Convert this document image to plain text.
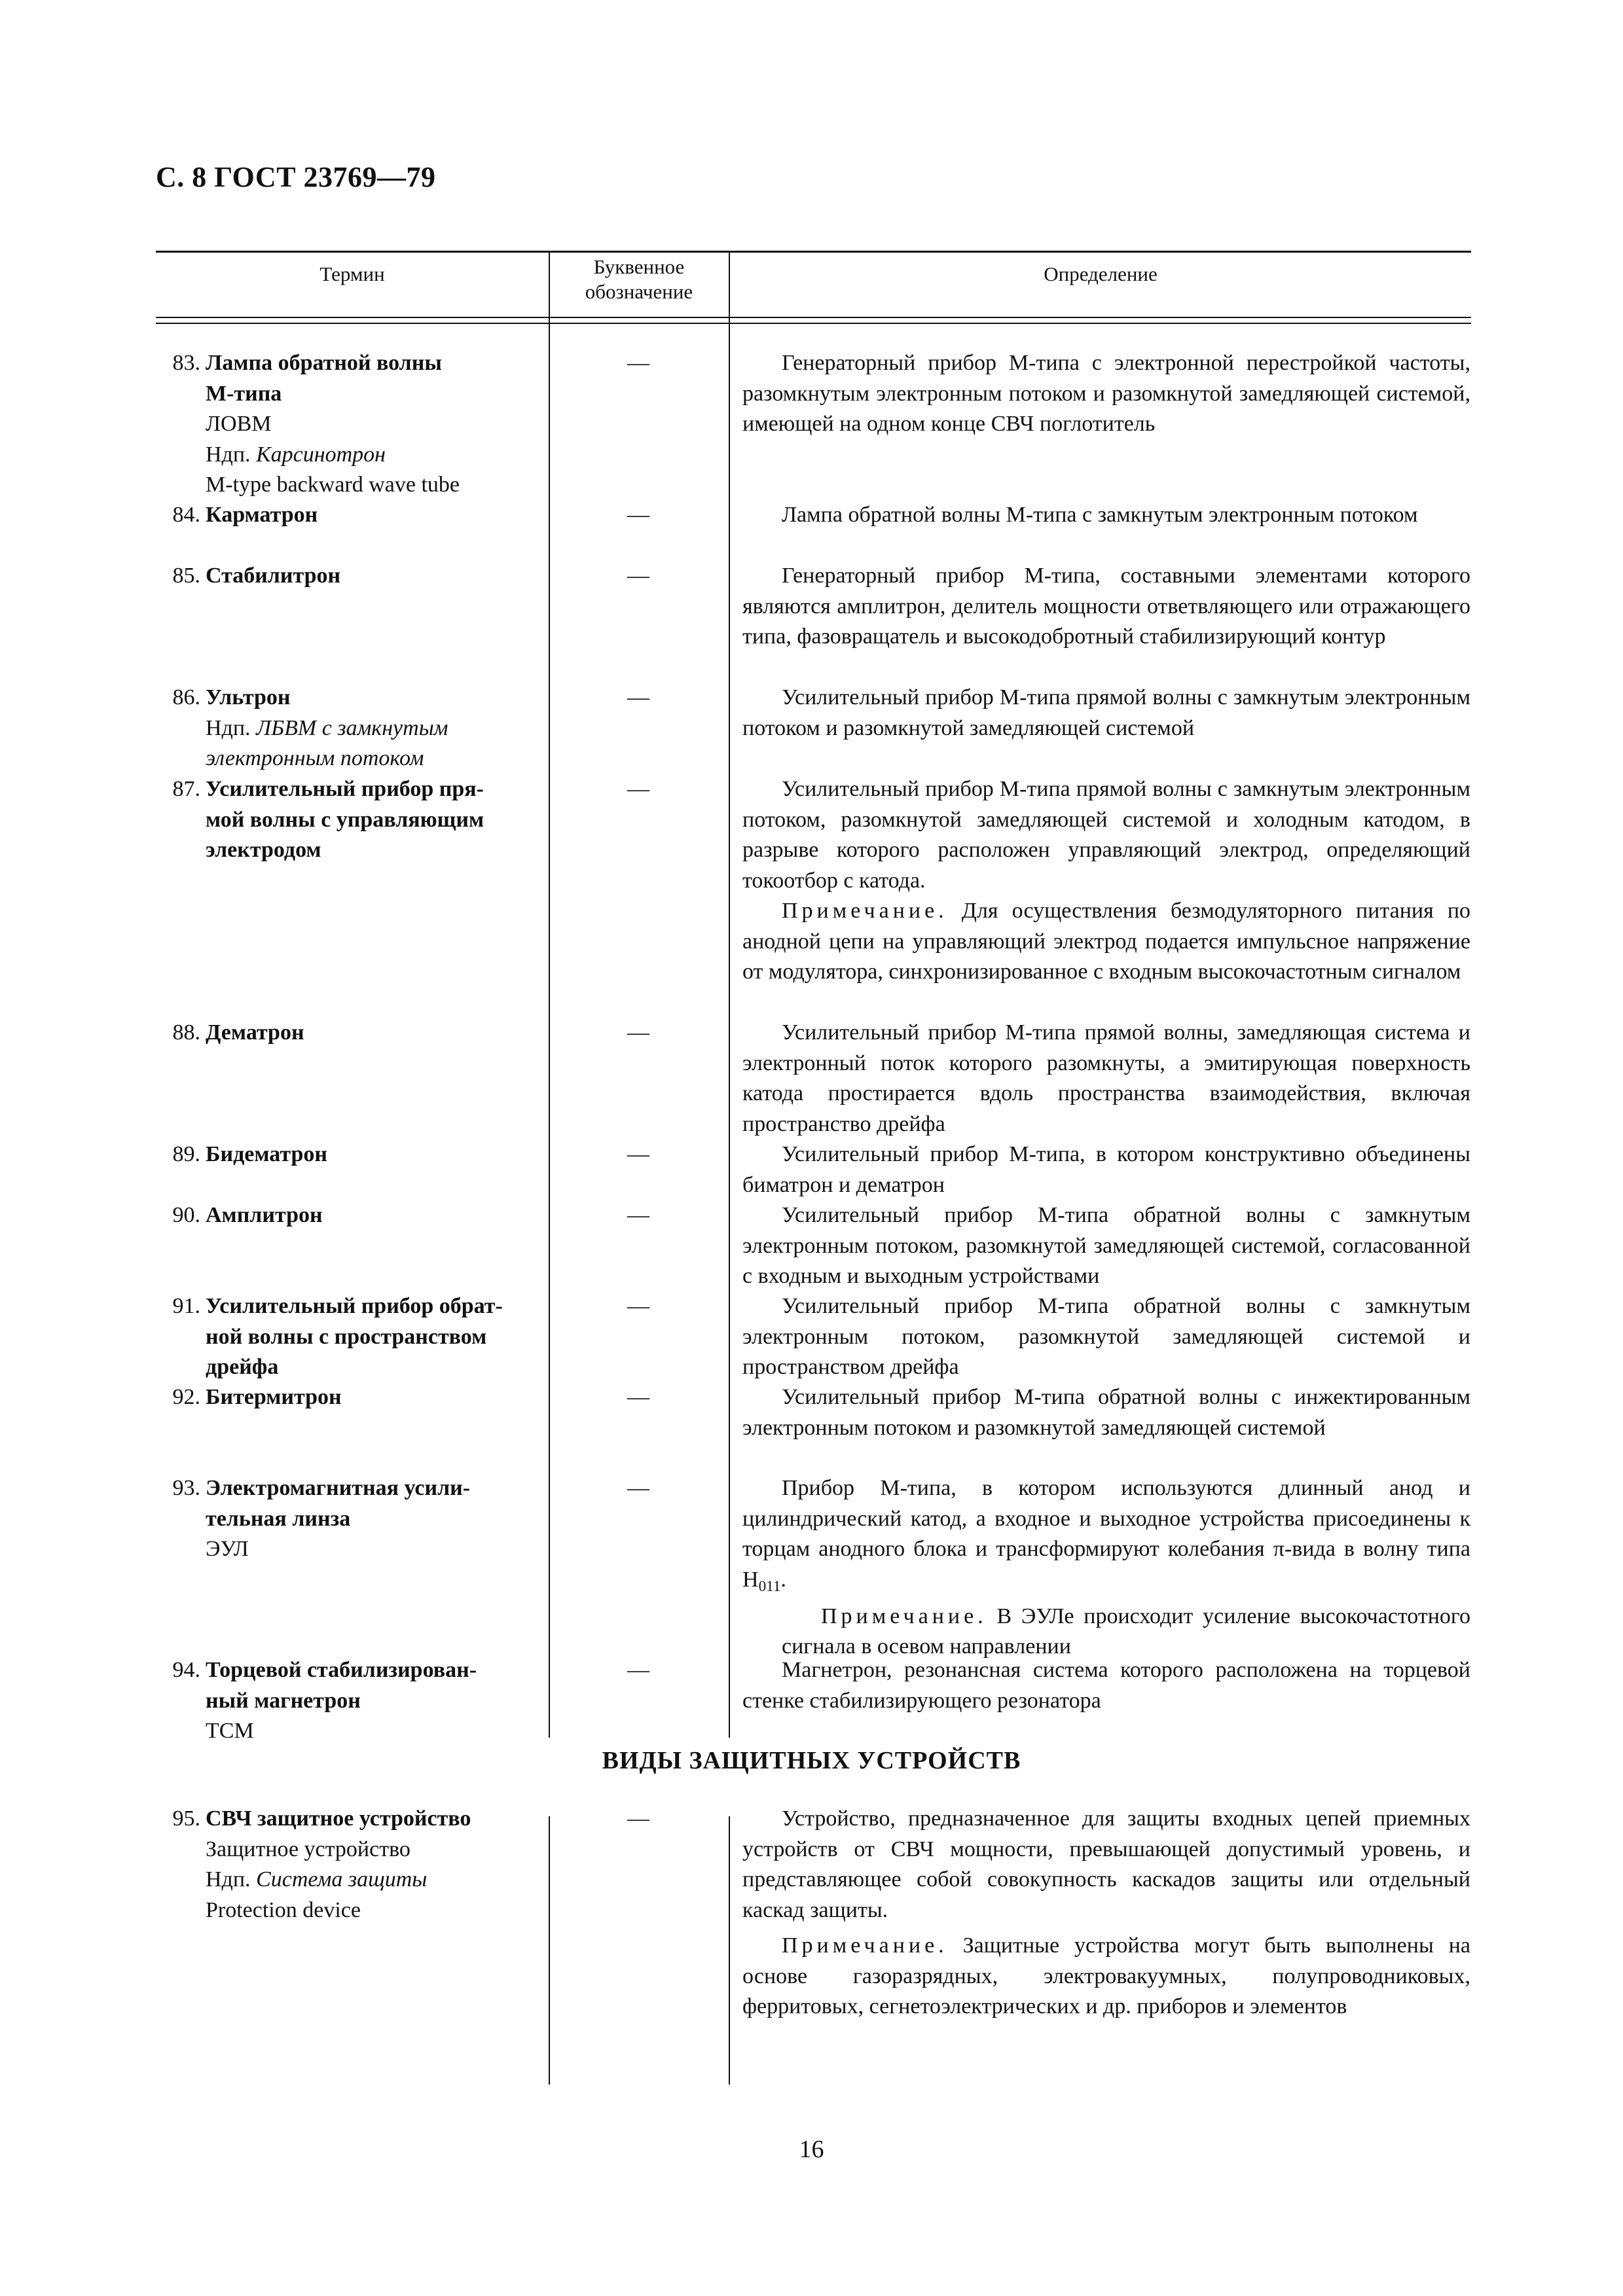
С. 8 ГОСТ 23769—79
Термин	Буквенное
обозначение
Определение
83. Лампа обратной волны
М-типа
ЛОВМ
Ндп. Карсинотрон
M-type backward wave tube
—	Генераторный прибор М-типа с электронной перестройкой частоты, разомкнутым электронным потоком и разомкнутой замедляющей системой, имеющей на одном конце СВЧ поглотитель

84. Карматрон	—	Лампа обратной волны М-типа с замкнутым электронным потоком

85. Стабилитрон	—	Генераторный прибор М-типа, составными элементами которого являются амплитрон, делитель мощности ответвляющего или отражающего типа, фазовращатель и высокодобротный стабилизирующий контур

86. Ультрон
Ндп. ЛБВМ с замкнутым
электронным потоком
—	Усилительный прибор М-типа прямой волны с замкнутым электронным потоком и разомкнутой замедляющей системой

87. Усилительный прибор пря-
мой волны с управляющим
электродом
—	Усилительный прибор М-типа прямой волны с замкнутым электронным потоком, разомкнутой замедляющей системой и холодным катодом, в разрыве которого расположен управляющий электрод, определяющий токоотбор с катода.

Примечание. Для осуществления безмодуляторного питания по анодной цепи на управляющий электрод подается импульсное напряжение от модулятора, синхронизированное с входным высокочастотным сигналом

88. Дематрон	—	Усилительный прибор М-типа прямой волны, замедляющая система и электронный поток которого разомкнуты, а эмитирующая поверхность катода простирается вдоль пространства взаимодействия, включая пространство дрейфа

89. Бидематрон	—	Усилительный прибор М-типа, в котором конструктивно объединены биматрон и дематрон

90. Амплитрон	—	Усилительный прибор М-типа обратной волны с замкнутым электронным потоком, разомкнутой замедляющей системой, согласованной с входным и выходным устройствами

91. Усилительный прибор обрат-
ной волны с пространством
дрейфа
—	Усилительный прибор М-типа обратной волны с замкнутым электронным потоком, разомкнутой замедляющей системой и пространством дрейфа

92. Битермитрон	—	Усилительный прибор М-типа обратной волны с инжектированным электронным потоком и разомкнутой замедляющей системой

93. Электромагнитная усили-
тельная линза
ЭУЛ
—	Прибор М-типа, в котором используются длинный анод и цилиндрический катод, а входное и выходное устройства присоединены к торцам анодного блока и трансформируют колебания π-вида в волну типа $H_{011}$.

Примечание. В ЭУЛе происходит усиление высокочастотного сигнала в осевом направлении

94. Торцевой стабилизирован-
ный магнетрон
ТСМ
—	Магнетрон, резонансная система которого расположена на торцевой стенке стабилизирующего резонатора

ВИДЫ ЗАЩИТНЫХ УСТРОЙСТВ
95. СВЧ защитное устройство
Защитное устройство
Ндп. Система защиты
Protection device
—	Устройство, предназначенное для защиты входных цепей приемных устройств от СВЧ мощности, превышающей допустимый уровень, и представляющее собой совокупность каскадов защиты или отдельный каскад защиты.

Примечание. Защитные устройства могут быть выполнены на основе газоразрядных, электровакуумных, полупроводниковых, ферритовых, сегнетоэлектрических и др. приборов и элементов

16
